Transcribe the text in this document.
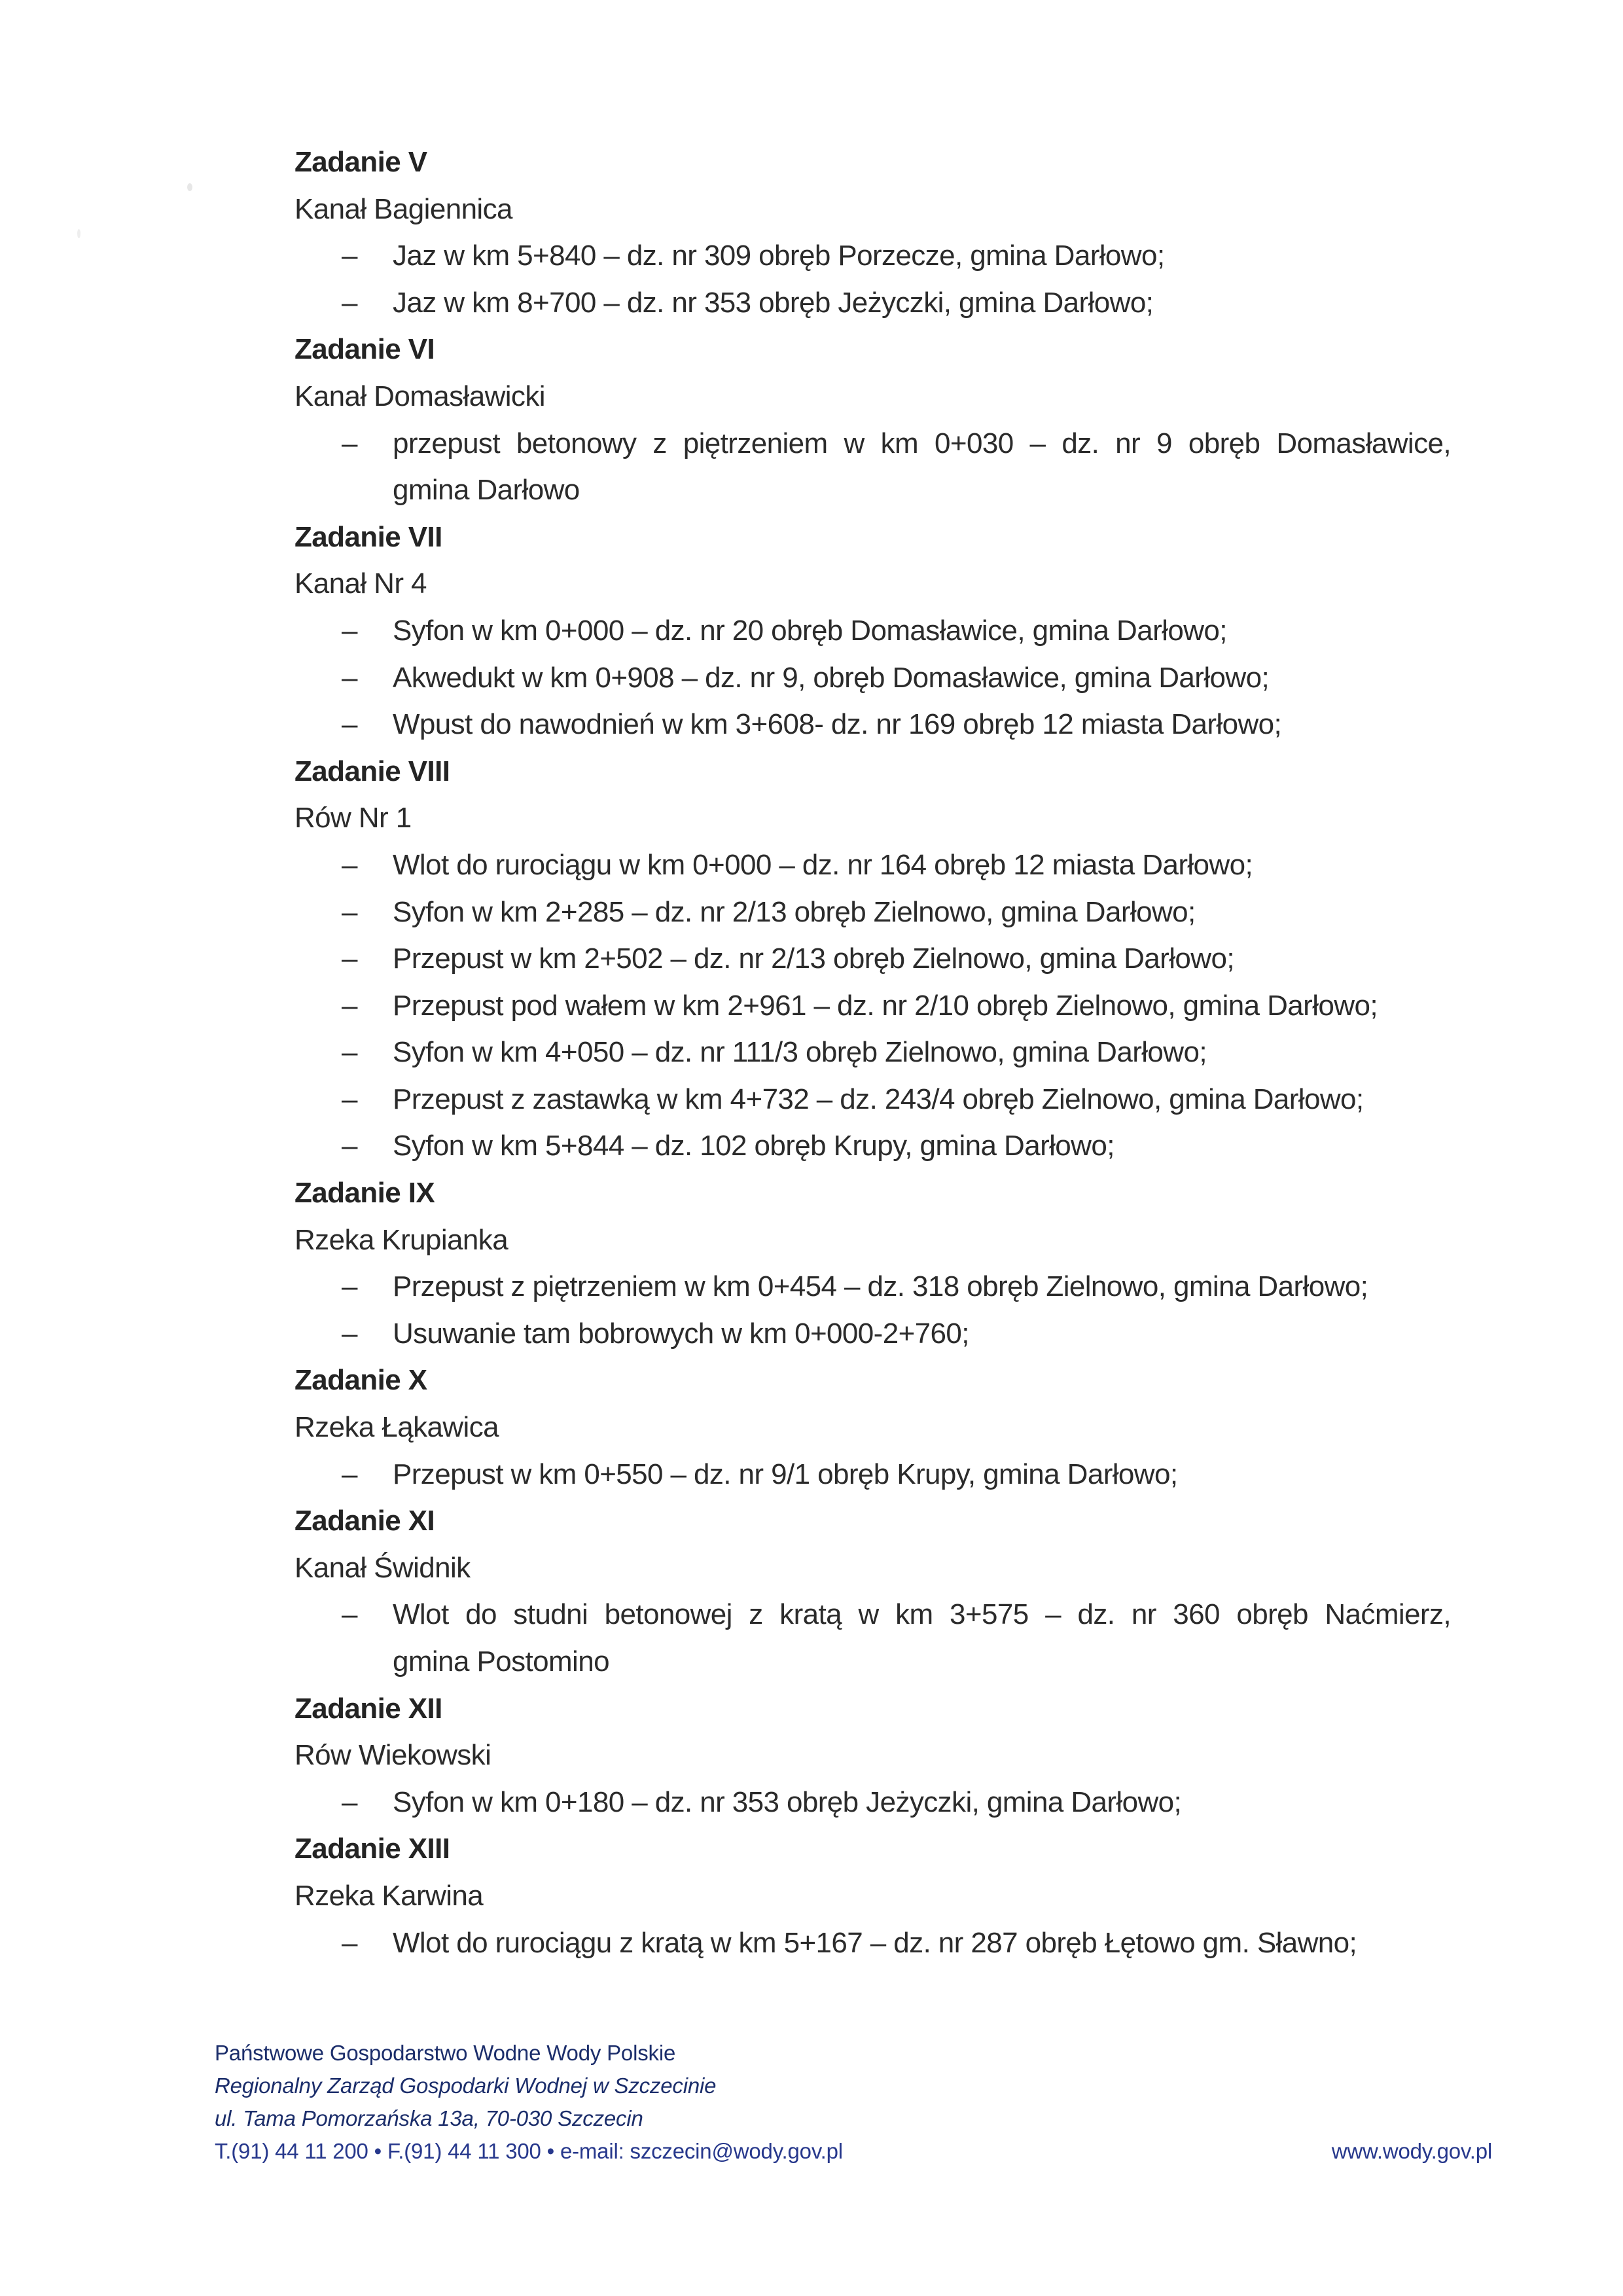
Zadanie V
Kanał Bagiennica
– Jaz w km 5+840 – dz. nr 309 obręb Porzecze, gmina Darłowo;
– Jaz w km 8+700 – dz. nr 353 obręb Jeżyczki, gmina Darłowo;
Zadanie VI
Kanał Domasławicki
– przepust betonowy z piętrzeniem w km 0+030 – dz. nr 9 obręb Domasławice,
gmina Darłowo
Zadanie VII
Kanał Nr 4
– Syfon w km 0+000 – dz. nr 20 obręb Domasławice, gmina Darłowo;
– Akwedukt w km 0+908 – dz. nr 9, obręb Domasławice, gmina Darłowo;
– Wpust do nawodnień w km 3+608- dz. nr 169 obręb 12 miasta Darłowo;
Zadanie VIII
Rów Nr 1
– Wlot do rurociągu w km 0+000 – dz. nr 164 obręb 12 miasta Darłowo;
– Syfon w km 2+285 – dz. nr 2/13 obręb Zielnowo, gmina Darłowo;
– Przepust w km 2+502 – dz. nr 2/13 obręb Zielnowo, gmina Darłowo;
– Przepust pod wałem w km 2+961 – dz. nr 2/10 obręb Zielnowo, gmina Darłowo;
– Syfon w km 4+050 – dz. nr 111/3 obręb Zielnowo, gmina Darłowo;
– Przepust z zastawką w km 4+732 – dz. 243/4 obręb Zielnowo, gmina Darłowo;
– Syfon w km 5+844 – dz. 102 obręb Krupy, gmina Darłowo;
Zadanie IX
Rzeka Krupianka
– Przepust z piętrzeniem w km 0+454 – dz. 318 obręb Zielnowo, gmina Darłowo;
– Usuwanie tam bobrowych w km 0+000-2+760;
Zadanie X
Rzeka Łąkawica
– Przepust w km 0+550 – dz. nr 9/1 obręb Krupy, gmina Darłowo;
Zadanie XI
Kanał Świdnik
– Wlot do studni betonowej z kratą w km 3+575 – dz. nr 360 obręb Naćmierz,
gmina Postomino
Zadanie XII
Rów Wiekowski
– Syfon w km 0+180 – dz. nr 353 obręb Jeżyczki, gmina Darłowo;
Zadanie XIII
Rzeka Karwina
– Wlot do rurociągu z kratą w km 5+167 – dz. nr 287 obręb Łętowo gm. Sławno;
Państwowe Gospodarstwo Wodne Wody Polskie
Regionalny Zarząd Gospodarki Wodnej w Szczecinie
ul. Tama Pomorzańska 13a, 70-030 Szczecin
T.(91) 44 11 200 • F.(91) 44 11 300 • e-mail: szczecin@wody.gov.pl	www.wody.gov.pl
